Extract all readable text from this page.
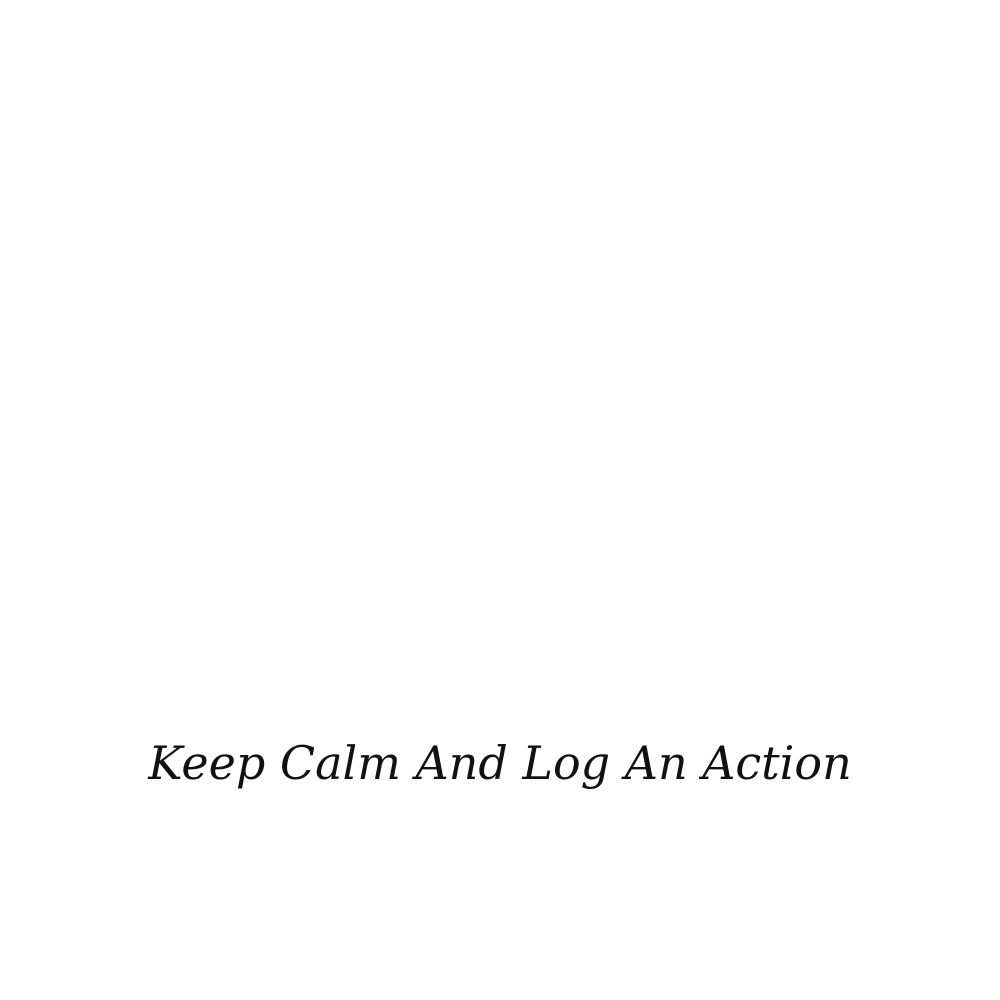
Keep Calm And Log An Action
